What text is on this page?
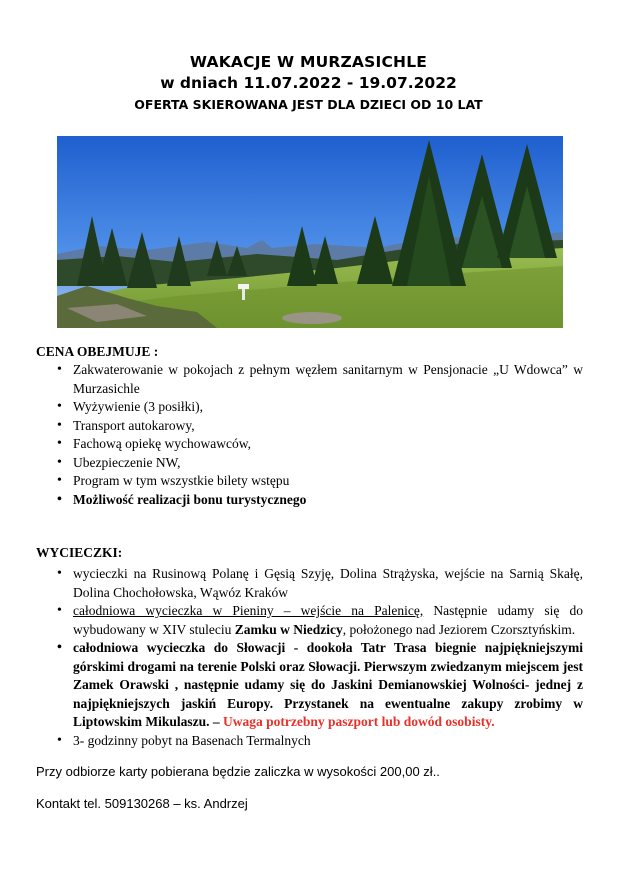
WAKACJE W MURZASICHLE
w dniach 11.07.2022 - 19.07.2022
OFERTA SKIEROWANA JEST DLA DZIECI OD 10 LAT
CENA OBEJMUJE :
• Zakwaterowanie w pokojach z pełnym węzłem sanitarnym w Pensjonacie „U Wdowca” w Murzasichle
• Wyżywienie (3 posiłki),
• Transport autokarowy,
• Fachową opiekę wychowawców,
• Ubezpieczenie NW,
• Program w tym wszystkie bilety wstępu
• Możliwość realizacji bonu turystycznego
WYCIECZKI:
• wycieczki na Rusinową Polanę i Gęsią Szyję, Dolina Strążyska, wejście na Sarnią Skałę, Dolina Chochołowska, Wąwóz Kraków
• całodniowa wycieczka w Pieniny – wejście na Palenicę, Następnie udamy się do wybudowany w XIV stuleciu Zamku w Niedzicy, położonego nad Jeziorem Czorsztyńskim.
• całodniowa wycieczka do Słowacji - dookoła Tatr Trasa biegnie najpiękniejszymi górskimi drogami na terenie Polski oraz Słowacji. Pierwszym zwiedzanym miejscem jest Zamek Orawski , następnie udamy się do Jaskini Demianowskiej Wolności- jednej z najpiękniejszych jaskiń Europy. Przystanek na ewentualne zakupy zrobimy w Liptowskim Mikulaszu. – Uwaga potrzebny paszport lub dowód osobisty.
• 3- godzinny pobyt na Basenach Termalnych
Przy odbiorze karty pobierana będzie zaliczka w wysokości 200,00 zł..
Kontakt tel. 509130268 – ks. Andrzej
